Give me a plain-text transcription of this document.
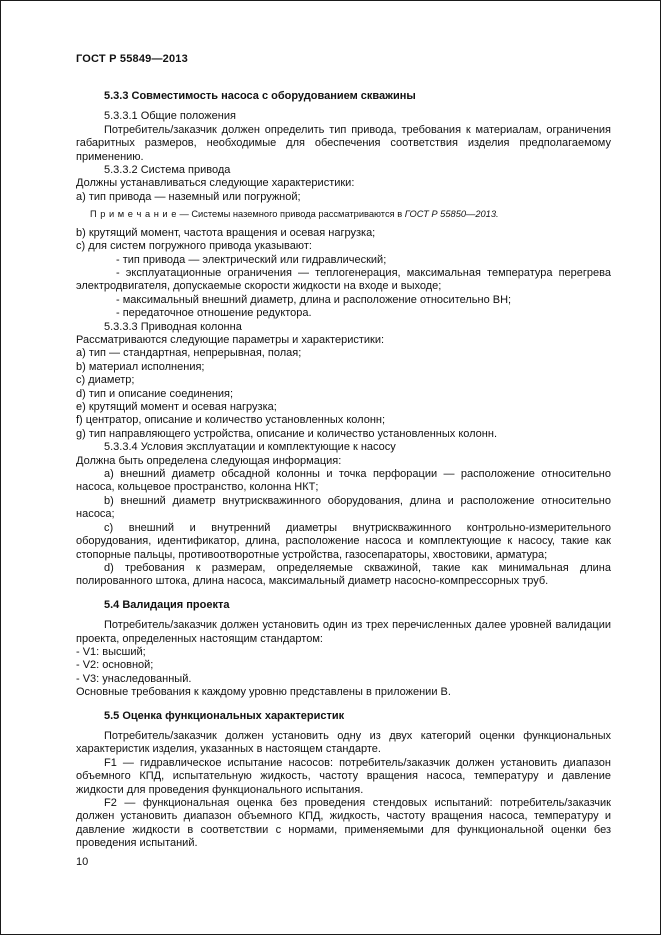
ГОСТ Р 55849—2013

5.3.3 Совместимость насоса с оборудованием скважины

5.3.3.1 Общие положения

Потребитель/заказчик должен определить тип привода, требования к материалам, ограничения габаритных размеров, необходимые для обеспечения соответствия изделия предполагаемому применению.

5.3.3.2 Система привода

Должны устанавливаться следующие характеристики:

a) тип привода — наземный или погружной;

П р и м е ч а н и е — Системы наземного привода рассматриваются в ГОСТ Р 55850—2013.

b) крутящий момент, частота вращения и осевая нагрузка;

c) для систем погружного привода указывают:

- тип привода — электрический или гидравлический;

- эксплуатационные ограничения — теплогенерация, максимальная температура перегрева электродвигателя, допускаемые скорости жидкости на входе и выходе;

- максимальный внешний диаметр, длина и расположение относительно ВН;

- передаточное отношение редуктора.

5.3.3.3 Приводная колонна

Рассматриваются следующие параметры и характеристики:

a) тип — стандартная, непрерывная, полая;

b) материал исполнения;

c) диаметр;

d) тип и описание соединения;

e) крутящий момент и осевая нагрузка;

f) центратор, описание и количество установленных колонн;

g) тип направляющего устройства, описание и количество установленных колонн.

5.3.3.4 Условия эксплуатации и комплектующие к насосу

Должна быть определена следующая информация:

a) внешний диаметр обсадной колонны и точка перфорации — расположение относительно насоса, кольцевое пространство, колонна НКТ;

b) внешний диаметр внутрискважинного оборудования, длина и расположение относительно насоса;

c) внешний и внутренний диаметры внутрискважинного контрольно-измерительного оборудования, идентификатор, длина, расположение насоса и комплектующие к насосу, такие как стопорные пальцы, противоотворотные устройства, газосепараторы, хвостовики, арматура;

d) требования к размерам, определяемые скважиной, такие как минимальная длина полированного штока, длина насоса, максимальный диаметр насосно-компрессорных труб.

5.4 Валидация проекта

Потребитель/заказчик должен установить один из трех перечисленных далее уровней валидации проекта, определенных настоящим стандартом:

- V1: высший;

- V2: основной;

- V3: унаследованный.

Основные требования к каждому уровню представлены в приложении В.

5.5 Оценка функциональных характеристик

Потребитель/заказчик должен установить одну из двух категорий оценки функциональных характеристик изделия, указанных в настоящем стандарте.

F1 — гидравлическое испытание насосов: потребитель/заказчик должен установить диапазон объемного КПД, испытательную жидкость, частоту вращения насоса, температуру и давление жидкости для проведения функционального испытания.

F2 — функциональная оценка без проведения стендовых испытаний: потребитель/заказчик должен установить диапазон объемного КПД, жидкость, частоту вращения насоса, температуру и давление жидкости в соответствии с нормами, применяемыми для функциональной оценки без проведения испытаний.

10
